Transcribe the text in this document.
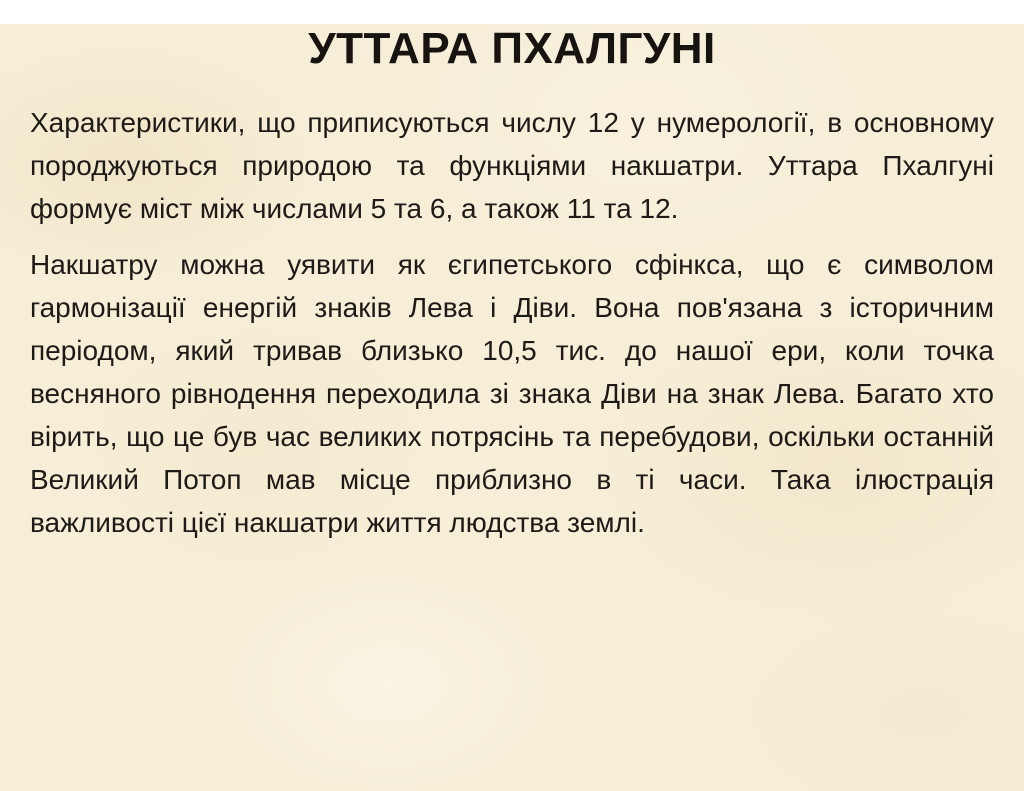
УТТАРА ПХАЛГУНІ

Характеристики, що приписуються числу 12 у нумерології, в основному породжуються природою та функціями накшатри. Уттара Пхалгуні формує міст між числами 5 та 6, а також 11 та 12.

Накшатру можна уявити як єгипетського сфінкса, що є символом гармонізації енергій знаків Лева і Діви. Вона пов'язана з історичним періодом, який тривав близько 10,5 тис. до нашої ери, коли точка весняного рівнодення переходила зі знака Діви на знак Лева. Багато хто вірить, що це був час великих потрясінь та перебудови, оскільки останній Великий Потоп мав місце приблизно в ті часи. Така ілюстрація важливості цієї накшатри життя людства землі.
